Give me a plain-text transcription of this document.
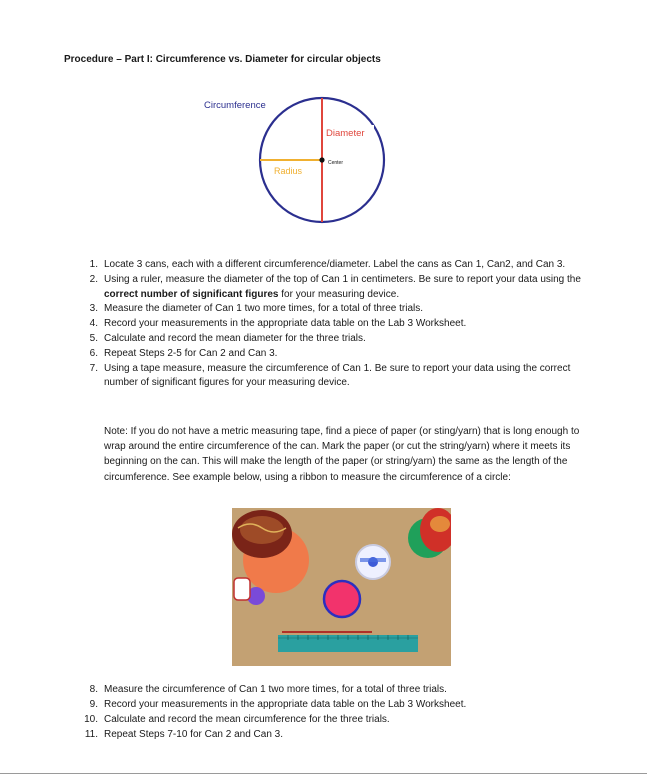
Procedure – Part I: Circumference vs. Diameter for circular objects
Circumference
Diameter
Radius
Center
1. Locate 3 cans, each with a different circumference/diameter. Label the cans as Can 1, Can2, and Can 3.
2. Using a ruler, measure the diameter of the top of Can 1 in centimeters. Be sure to report your data using the correct number of significant figures for your measuring device.
3. Measure the diameter of Can 1 two more times, for a total of three trials.
4. Record your measurements in the appropriate data table on the Lab 3 Worksheet.
5. Calculate and record the mean diameter for the three trials.
6. Repeat Steps 2-5 for Can 2 and Can 3.
7. Using a tape measure, measure the circumference of Can 1. Be sure to report your data using the correct number of significant figures for your measuring device.
Note: If you do not have a metric measuring tape, find a piece of paper (or sting/yarn) that is long enough to wrap around the entire circumference of the can. Mark the paper (or cut the string/yarn) where it meets its beginning on the can. This will make the length of the paper (or string/yarn) the same as the length of the circumference. See example below, using a ribbon to measure the circumference of a circle:
8. Measure the circumference of Can 1 two more times, for a total of three trials.
9. Record your measurements in the appropriate data table on the Lab 3 Worksheet.
10. Calculate and record the mean circumference for the three trials.
11. Repeat Steps 7-10 for Can 2 and Can 3.
